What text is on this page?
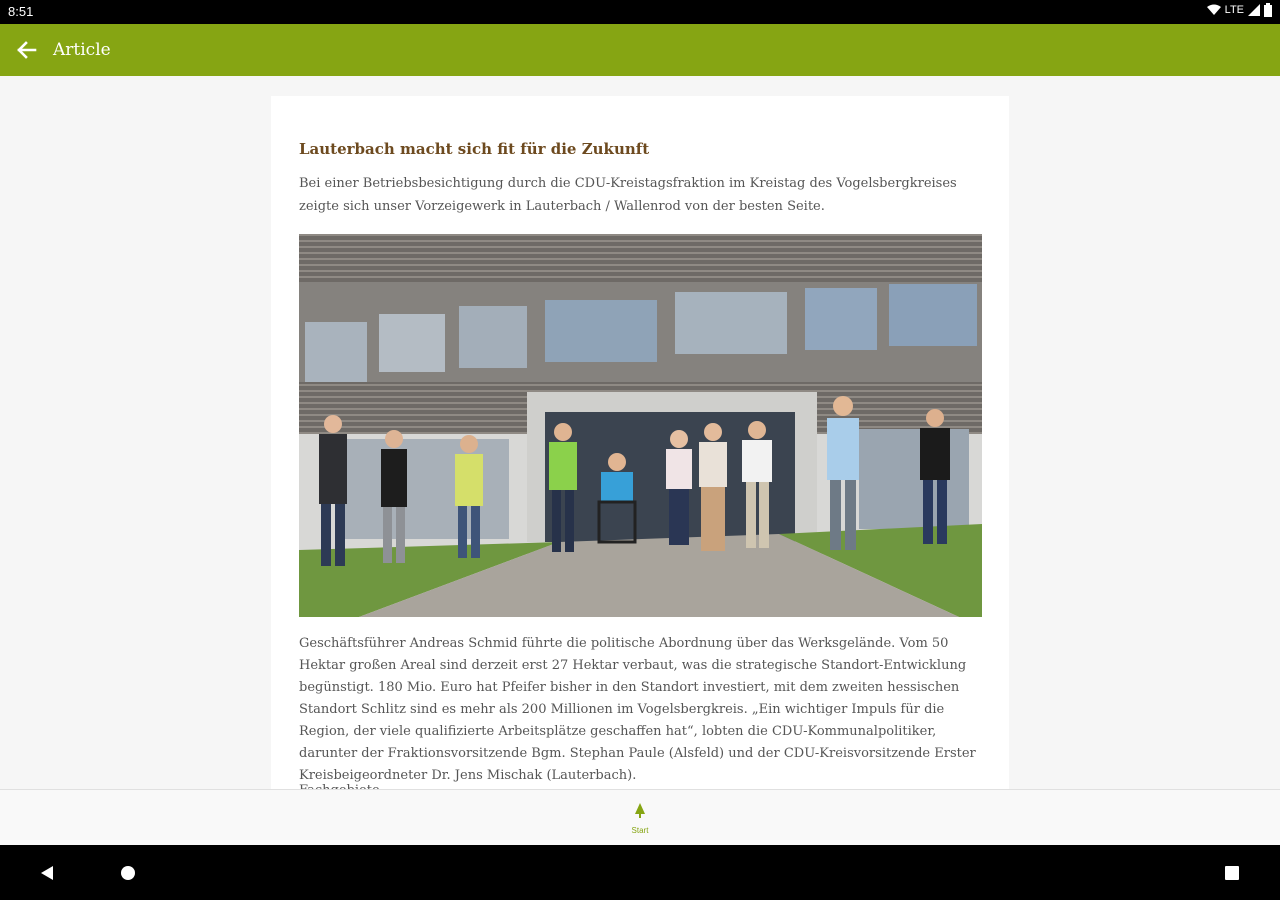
8:51	LTE
Article
Lauterbach macht sich fit für die Zukunft

Bei einer Betriebsbesichtigung durch die CDU-Kreistagsfraktion im Kreistag des Vogelsbergkreises zeigte sich unser Vorzeigewerk in Lauterbach / Wallenrod von der besten Seite.

Geschäftsführer Andreas Schmid führte die politische Abordnung über das Werksgelände. Vom 50 Hektar großen Areal sind derzeit erst 27 Hektar verbaut, was die strategische Standort-Entwicklung begünstigt. 180 Mio. Euro hat Pfeifer bisher in den Standort investiert, mit dem zweiten hessischen Standort Schlitz sind es mehr als 200 Millionen im Vogelsbergkreis. „Ein wichtiger Impuls für die Region, der viele qualifizierte Arbeitsplätze geschaffen hat“, lobten die CDU-Kommunalpolitiker, darunter der Fraktionsvorsitzende Bgm. Stephan Paule (Alsfeld) und der CDU-Kreisvorsitzende Erster Kreisbeigeordneter Dr. Jens Mischak (Lauterbach).

Start
